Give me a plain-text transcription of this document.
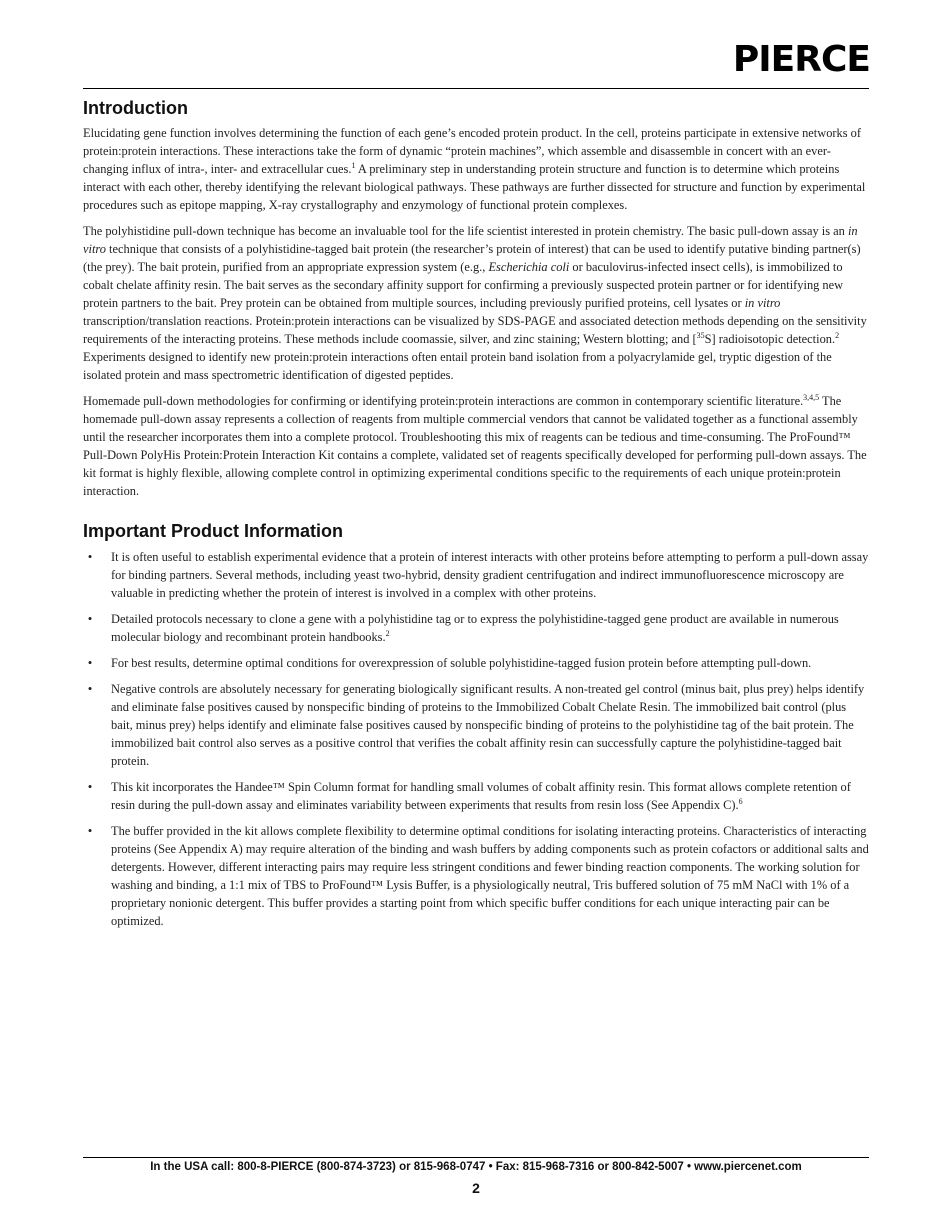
PIERCE
Introduction

Elucidating gene function involves determining the function of each gene’s encoded protein product. In the cell, proteins participate in extensive networks of protein:protein interactions. These interactions take the form of dynamic “protein machines”, which assemble and disassemble in concert with an ever-changing influx of intra-, inter- and extracellular cues.$^1$ A preliminary step in understanding protein structure and function is to determine which proteins interact with each other, thereby identifying the relevant biological pathways. These pathways are further dissected for structure and function by experimental procedures such as epitope mapping, X-ray crystallography and enzymology of functional protein complexes.

The polyhistidine pull-down technique has become an invaluable tool for the life scientist interested in protein chemistry. The basic pull-down assay is an in vitro technique that consists of a polyhistidine-tagged bait protein (the researcher’s protein of interest) that can be used to identify putative binding partner(s) (the prey). The bait protein, purified from an appropriate expression system (e.g., Escherichia coli or baculovirus-infected insect cells), is immobilized to cobalt chelate affinity resin. The bait serves as the secondary affinity support for confirming a previously suspected protein partner or for identifying new protein partners to the bait. Prey protein can be obtained from multiple sources, including previously purified proteins, cell lysates or in vitro transcription/translation reactions. Protein:protein interactions can be visualized by SDS-PAGE and associated detection methods depending on the sensitivity requirements of the interacting proteins. These methods include coomassie, silver, and zinc staining; Western blotting; and [$^{35}$S] radioisotopic detection.$^2$ Experiments designed to identify new protein:protein interactions often entail protein band isolation from a polyacrylamide gel, tryptic digestion of the isolated protein and mass spectrometric identification of digested peptides.

Homemade pull-down methodologies for confirming or identifying protein:protein interactions are common in contemporary scientific literature.$^{3,4,5}$ The homemade pull-down assay represents a collection of reagents from multiple commercial vendors that cannot be validated together as a functional assembly until the researcher incorporates them into a complete protocol. Troubleshooting this mix of reagents can be tedious and time-consuming. The ProFound™ Pull-Down PolyHis Protein:Protein Interaction Kit contains a complete, validated set of reagents specifically developed for performing pull-down assays. The kit format is highly flexible, allowing complete control in optimizing experimental conditions specific to the requirements of each unique protein:protein interaction.

Important Product Information
•	It is often useful to establish experimental evidence that a protein of interest interacts with other proteins before attempting to perform a pull-down assay for binding partners. Several methods, including yeast two-hybrid, density gradient centrifugation and indirect immunofluorescence microscopy are valuable in predicting whether the protein of interest is involved in a complex with other proteins.
•	Detailed protocols necessary to clone a gene with a polyhistidine tag or to express the polyhistidine-tagged gene product are available in numerous molecular biology and recombinant protein handbooks.$^2$
•	For best results, determine optimal conditions for overexpression of soluble polyhistidine-tagged fusion protein before attempting pull-down.
•	Negative controls are absolutely necessary for generating biologically significant results. A non-treated gel control (minus bait, plus prey) helps identify and eliminate false positives caused by nonspecific binding of proteins to the Immobilized Cobalt Chelate Resin. The immobilized bait control (plus bait, minus prey) helps identify and eliminate false positives caused by nonspecific binding of proteins to the polyhistidine tag of the bait protein. The immobilized bait control also serves as a positive control that verifies the cobalt affinity resin can successfully capture the polyhistidine-tagged bait protein.
•	This kit incorporates the Handee™ Spin Column format for handling small volumes of cobalt affinity resin. This format allows complete retention of resin during the pull-down assay and eliminates variability between experiments that results from resin loss (See Appendix C).$^6$
•	The buffer provided in the kit allows complete flexibility to determine optimal conditions for isolating interacting proteins. Characteristics of interacting proteins (See Appendix A) may require alteration of the binding and wash buffers by adding components such as protein cofactors or additional salts and detergents. However, different interacting pairs may require less stringent conditions and fewer binding reaction components. The working solution for washing and binding, a 1:1 mix of TBS to ProFound™ Lysis Buffer, is a physiologically neutral, Tris buffered solution of 75 mM NaCl with 1% of a proprietary nonionic detergent. This buffer provides a starting point from which specific buffer conditions for each unique interacting pair can be optimized.
In the USA call: 800-8-PIERCE (800-874-3723) or 815-968-0747 • Fax: 815-968-7316 or 800-842-5007 • www.piercenet.com
2
